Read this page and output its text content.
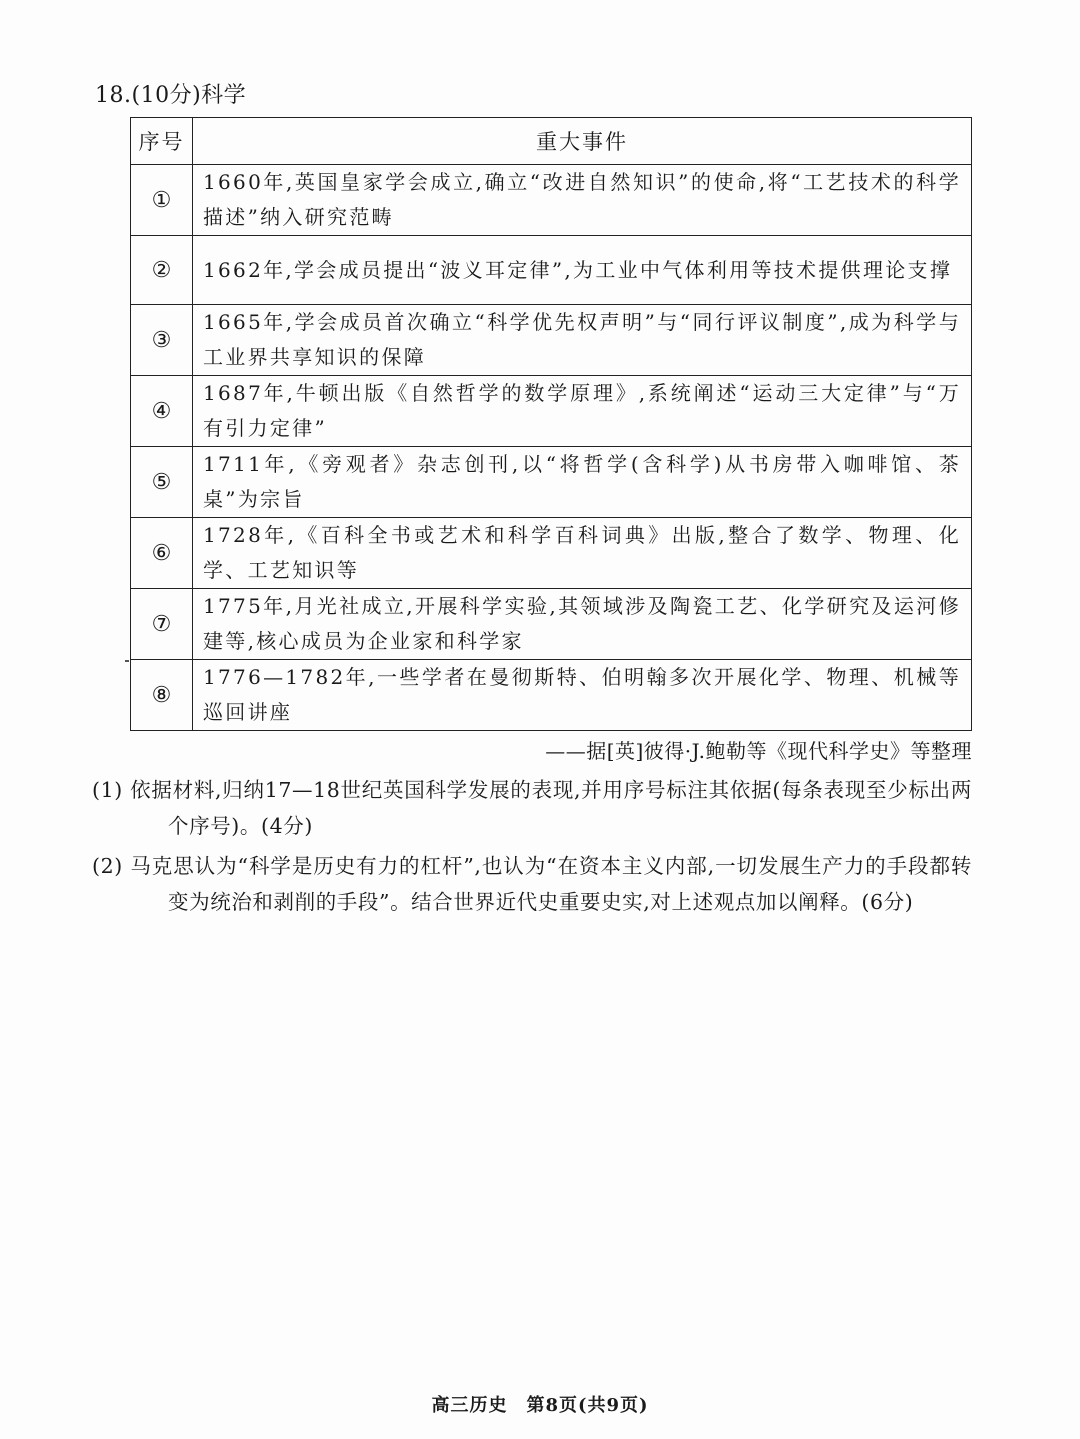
18.(10分)科学
序号	重大事件
①	1660年,英国皇家学会成立,确立“改进自然知识”的使命,将“工艺技术的科学描述”纳入研究范畴
②	1662年,学会成员提出“波义耳定律”,为工业中气体利用等技术提供理论支撑
③	1665年,学会成员首次确立“科学优先权声明”与“同行评议制度”,成为科学与工业界共享知识的保障
④	1687年,牛顿出版《自然哲学的数学原理》,系统阐述“运动三大定律”与“万有引力定律”
⑤	1711年,《旁观者》杂志创刊,以“将哲学(含科学)从书房带入咖啡馆、茶桌”为宗旨
⑥	1728年,《百科全书或艺术和科学百科词典》出版,整合了数学、物理、化学、工艺知识等
⑦	1775年,月光社成立,开展科学实验,其领域涉及陶瓷工艺、化学研究及运河修建等,核心成员为企业家和科学家
⑧	1776—1782年,一些学者在曼彻斯特、伯明翰多次开展化学、物理、机械等巡回讲座
——据[英]彼得·J.鲍勒等《现代科学史》等整理
(1) 依据材料,归纳17—18世纪英国科学发展的表现,并用序号标注其依据(每条表现至少标出两个序号)。(4分)
(2) 马克思认为“科学是历史有力的杠杆”,也认为“在资本主义内部,一切发展生产力的手段都转变为统治和剥削的手段”。结合世界近代史重要史实,对上述观点加以阐释。(6分)
高三历史　第8页(共9页)
